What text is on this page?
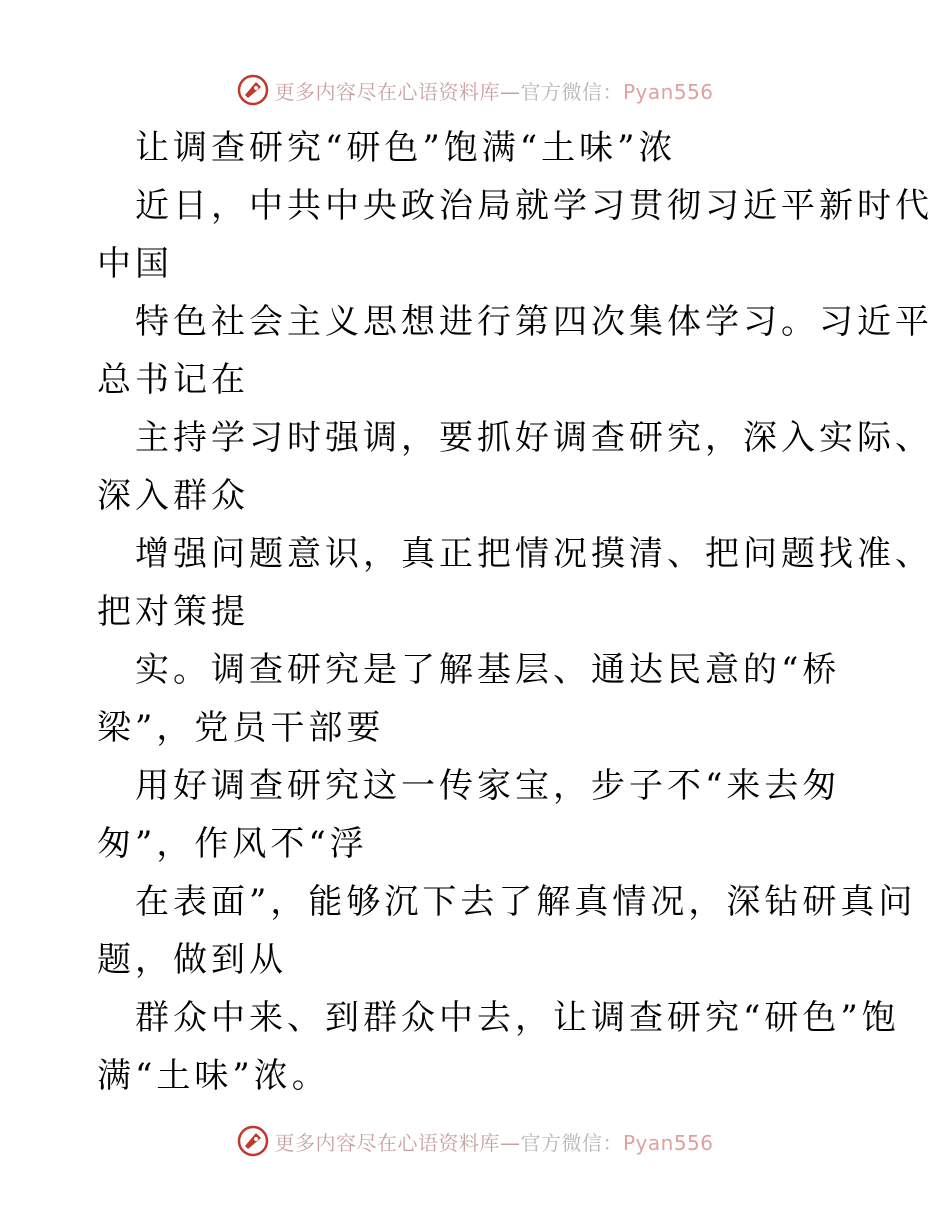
更多内容尽在心语资料库—官方微信：Pyan556
让调查研究“研色”饱满“土味”浓
近日，中共中央政治局就学习贯彻习近平新时代
中国
特色社会主义思想进行第四次集体学习。习近平
总书记在
主持学习时强调，要抓好调查研究，深入实际、
深入群众
增强问题意识，真正把情况摸清、把问题找准、
把对策提
实。调查研究是了解基层、通达民意的“桥
梁”，党员干部要
用好调查研究这一传家宝，步子不“来去匆
匆”，作风不“浮
在表面”，能够沉下去了解真情况，深钻研真问
题，做到从
群众中来、到群众中去，让调查研究“研色”饱
满“土味”浓。
更多内容尽在心语资料库—官方微信：Pyan556
